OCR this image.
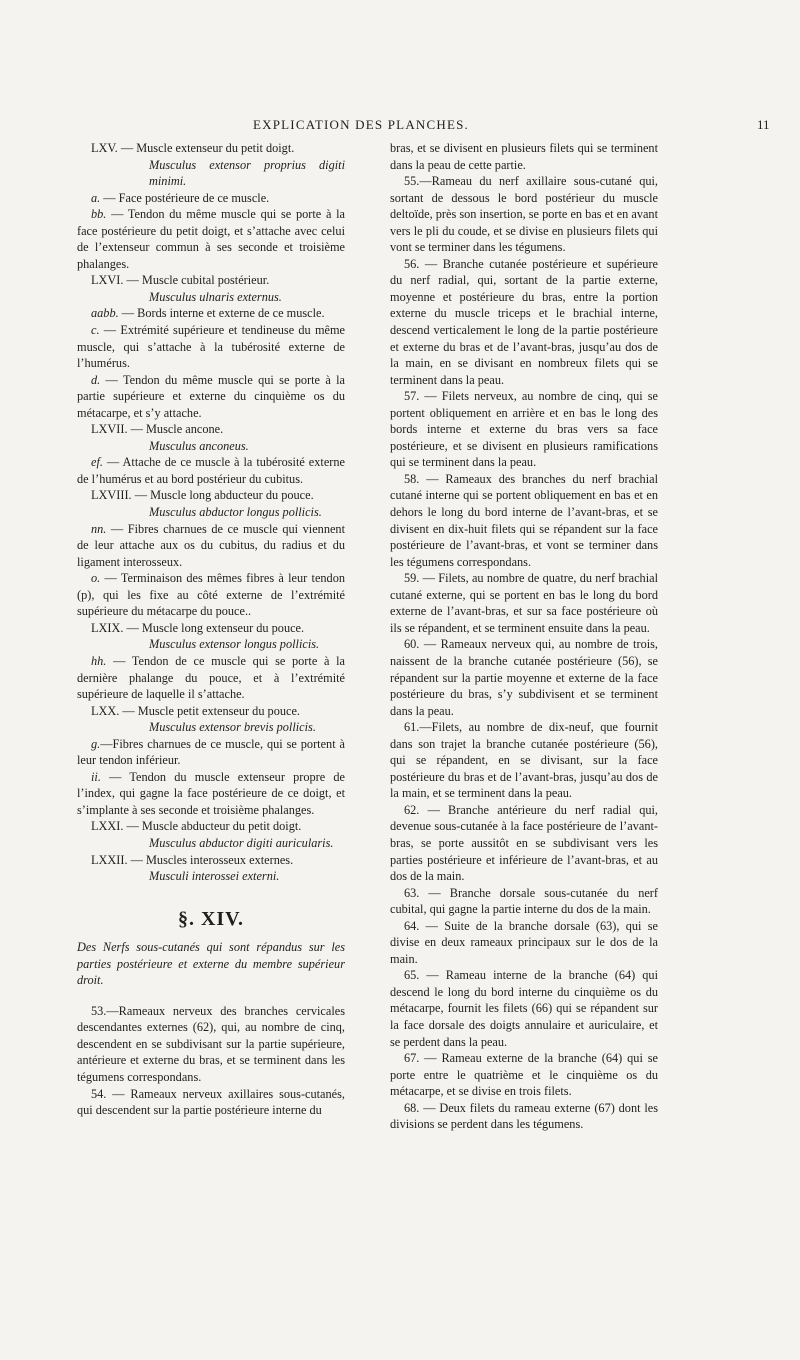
EXPLICATION DES PLANCHES.	11

LXV. — Muscle extenseur du petit doigt.

Musculus extensor proprius digiti minimi.

a. — Face postérieure de ce muscle.

bb. — Tendon du même muscle qui se porte à la face postérieure du petit doigt, et s’attache avec celui de l’extenseur commun à ses seconde et troisième phalanges.

LXVI. — Muscle cubital postérieur.

Musculus ulnaris externus.

aabb. — Bords interne et externe de ce muscle.

c. — Extrémité supérieure et tendineuse du même muscle, qui s’attache à la tubérosité externe de l’humérus.

d. — Tendon du même muscle qui se porte à la partie supérieure et externe du cinquième os du métacarpe, et s’y attache.

LXVII. — Muscle ancone.

Musculus anconeus.

ef. — Attache de ce muscle à la tubérosité externe de l’humérus et au bord postérieur du cubitus.

LXVIII. — Muscle long abducteur du pouce.

Musculus abductor longus pollicis.

nn. — Fibres charnues de ce muscle qui viennent de leur attache aux os du cubitus, du radius et du ligament interosseux.

o. — Terminaison des mêmes fibres à leur tendon (p), qui les fixe au côté externe de l’extrémité supérieure du métacarpe du pouce..

LXIX. — Muscle long extenseur du pouce.

Musculus extensor longus pollicis.

hh. — Tendon de ce muscle qui se porte à la dernière phalange du pouce, et à l’extrémité supérieure de laquelle il s’attache.

LXX. — Muscle petit extenseur du pouce.

Musculus extensor brevis pollicis.

g.—Fibres charnues de ce muscle, qui se portent à leur tendon inférieur.

ii. — Tendon du muscle extenseur propre de l’index, qui gagne la face postérieure de ce doigt, et s’implante à ses seconde et troisième phalanges.

LXXI. — Muscle abducteur du petit doigt.

Musculus abductor digiti auricularis.

LXXII. — Muscles interosseux externes.

Musculi interossei externi.

§. XIV.

Des Nerfs sous-cutanés qui sont répandus sur les parties postérieure et externe du membre supérieur droit.

53.—Rameaux nerveux des branches cervicales descendantes externes (62), qui, au nombre de cinq, descendent en se subdivisant sur la partie supérieure, antérieure et externe du bras, et se terminent dans les tégumens correspondans.

54. — Rameaux nerveux axillaires sous-cutanés, qui descendent sur la partie postérieure interne du

bras, et se divisent en plusieurs filets qui se terminent dans la peau de cette partie.

55.—Rameau du nerf axillaire sous-cutané qui, sortant de dessous le bord postérieur du muscle deltoïde, près son insertion, se porte en bas et en avant vers le pli du coude, et se divise en plusieurs filets qui vont se terminer dans les tégumens.

56. — Branche cutanée postérieure et supérieure du nerf radial, qui, sortant de la partie externe, moyenne et postérieure du bras, entre la portion externe du muscle triceps et le brachial interne, descend verticalement le long de la partie postérieure et externe du bras et de l’avant-bras, jusqu’au dos de la main, en se divisant en nombreux filets qui se terminent dans la peau.

57. — Filets nerveux, au nombre de cinq, qui se portent obliquement en arrière et en bas le long des bords interne et externe du bras vers sa face postérieure, et se divisent en plusieurs ramifications qui se terminent dans la peau.

58. — Rameaux des branches du nerf brachial cutané interne qui se portent obliquement en bas et en dehors le long du bord interne de l’avant-bras, et se divisent en dix-huit filets qui se répandent sur la face postérieure de l’avant-bras, et vont se terminer dans les tégumens correspondans.

59. — Filets, au nombre de quatre, du nerf brachial cutané externe, qui se portent en bas le long du bord externe de l’avant-bras, et sur sa face postérieure où ils se répandent, et se terminent ensuite dans la peau.

60. — Rameaux nerveux qui, au nombre de trois, naissent de la branche cutanée postérieure (56), se répandent sur la partie moyenne et externe de la face postérieure du bras, s’y subdivisent et se terminent dans la peau.

61.—Filets, au nombre de dix-neuf, que fournit dans son trajet la branche cutanée postérieure (56), qui se répandent, en se divisant, sur la face postérieure du bras et de l’avant-bras, jusqu’au dos de la main, et se terminent dans la peau.

62. — Branche antérieure du nerf radial qui, devenue sous-cutanée à la face postérieure de l’avant-bras, se porte aussitôt en se subdivisant vers les parties postérieure et inférieure de l’avant-bras, et au dos de la main.

63. — Branche dorsale sous-cutanée du nerf cubital, qui gagne la partie interne du dos de la main.

64. — Suite de la branche dorsale (63), qui se divise en deux rameaux principaux sur le dos de la main.

65. — Rameau interne de la branche (64) qui descend le long du bord interne du cinquième os du métacarpe, fournit les filets (66) qui se répandent sur la face dorsale des doigts annulaire et auriculaire, et se perdent dans la peau.

67. — Rameau externe de la branche (64) qui se porte entre le quatrième et le cinquième os du métacarpe, et se divise en trois filets.

68. — Deux filets du rameau externe (67) dont les divisions se perdent dans les tégumens.
